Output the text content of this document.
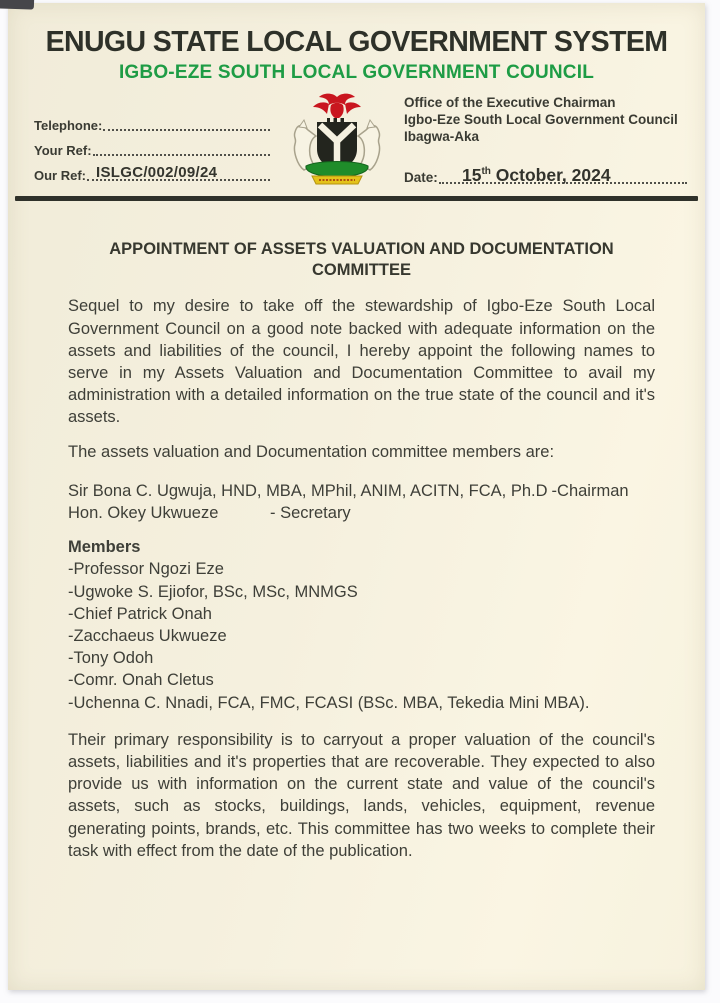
ENUGU STATE LOCAL GOVERNMENT SYSTEM
IGBO-EZE SOUTH LOCAL GOVERNMENT COUNCIL
Telephone:
Your Ref:
Our Ref: ISLGC/002/09/24
Office of the Executive Chairman
Igbo-Eze South Local Government Council
Ibagwa-Aka
Date: 15th October, 2024
APPOINTMENT OF ASSETS VALUATION AND DOCUMENTATION
COMMITTEE

Sequel to my desire to take off the stewardship of Igbo-Eze South Local Government Council on a good note backed with adequate information on the assets and liabilities of the council, I hereby appoint the following names to serve in my Assets Valuation and Documentation Committee to avail my administration with a detailed information on the true state of the council and it's assets.

The assets valuation and Documentation committee members are:

Sir Bona C. Ugwuja, HND, MBA, MPhil, ANIM, ACITN, FCA, Ph.D -Chairman
Hon. Okey Ukwueze	- Secretary
Members
-Professor Ngozi Eze
-Ugwoke S. Ejiofor, BSc, MSc, MNMGS
-Chief Patrick Onah
-Zacchaeus Ukwueze
-Tony Odoh
-Comr. Onah Cletus
-Uchenna C. Nnadi, FCA, FMC, FCASI (BSc. MBA, Tekedia Mini MBA).

Their primary responsibility is to carryout a proper valuation of the council's assets, liabilities and it's properties that are recoverable. They expected to also provide us with information on the current state and value of the council's assets, such as stocks, buildings, lands, vehicles, equipment, revenue generating points, brands, etc. This committee has two weeks to complete their task with effect from the date of the publication.
